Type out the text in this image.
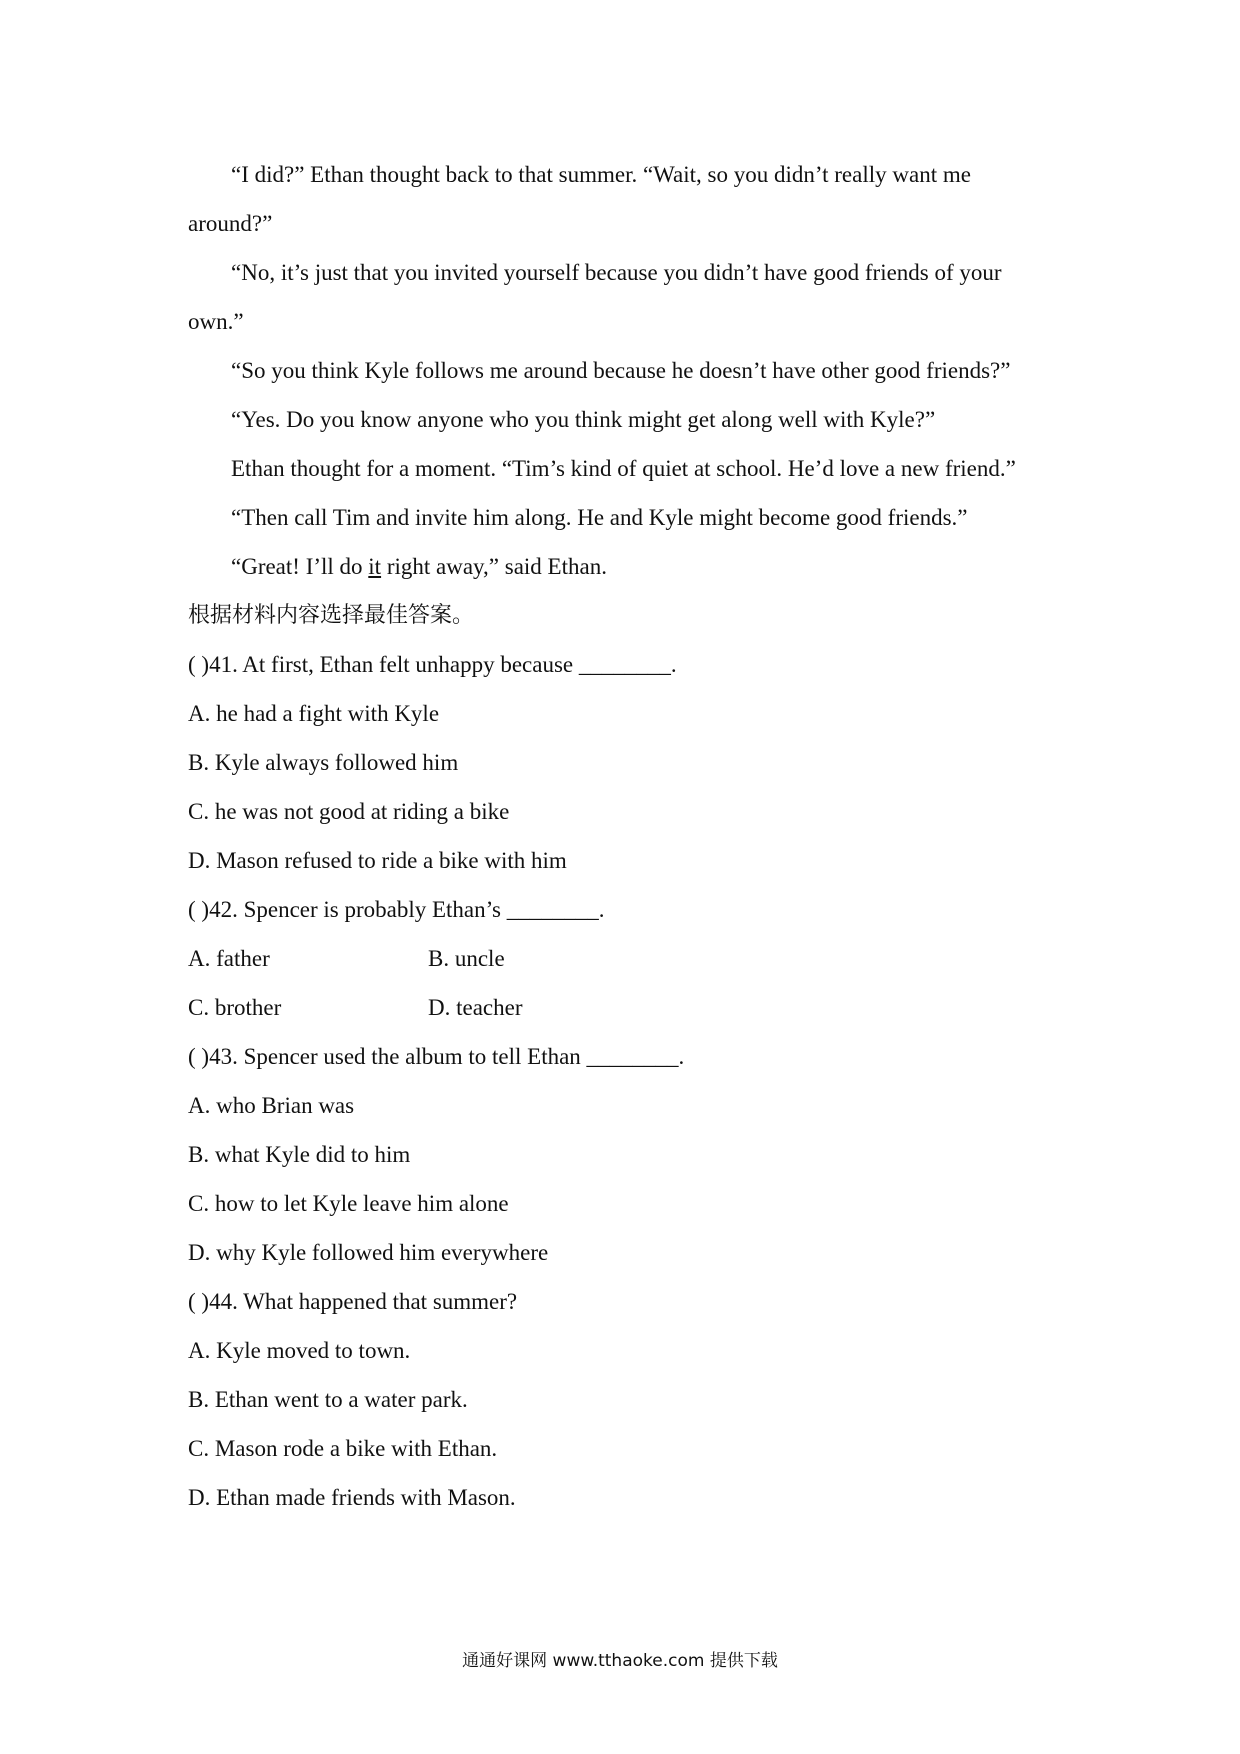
“I did?” Ethan thought back to that summer. “Wait, so you didn’t really want me around?”

“No, it’s just that you invited yourself because you didn’t have good friends of your own.”

“So you think Kyle follows me around because he doesn’t have other good friends?”

“Yes. Do you know anyone who you think might get along well with Kyle?”

Ethan thought for a moment. “Tim’s kind of quiet at school. He’d love a new friend.”

“Then call Tim and invite him along. He and Kyle might become good friends.”

“Great! I’ll do it right away,” said Ethan.

根据材料内容选择最佳答案。

( )41. At first, Ethan felt unhappy because ________.

A. he had a fight with Kyle

B. Kyle always followed him

C. he was not good at riding a bike

D. Mason refused to ride a bike with him

( )42. Spencer is probably Ethan’s ________.

A. father	B. uncle
C. brother	D. teacher

( )43. Spencer used the album to tell Ethan ________.

A. who Brian was

B. what Kyle did to him

C. how to let Kyle leave him alone

D. why Kyle followed him everywhere

( )44. What happened that summer?

A. Kyle moved to town.

B. Ethan went to a water park.

C. Mason rode a bike with Ethan.

D. Ethan made friends with Mason.

通通好课网 www.tthaoke.com 提供下载
